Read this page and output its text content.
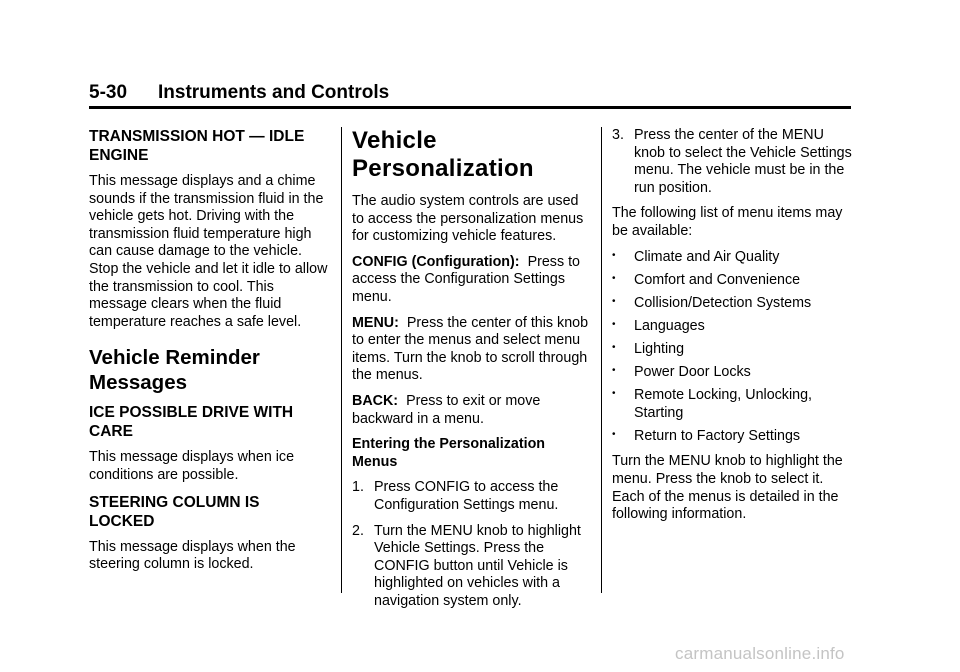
5-30 Instruments and Controls
TRANSMISSION HOT — IDLE ENGINE

This message displays and a chime sounds if the transmission fluid in the vehicle gets hot. Driving with the transmission fluid temperature high can cause damage to the vehicle. Stop the vehicle and let it idle to allow the transmission to cool. This message clears when the fluid temperature reaches a safe level.

Vehicle Reminder Messages
ICE POSSIBLE DRIVE WITH CARE

This message displays when ice conditions are possible.

STEERING COLUMN IS LOCKED

This message displays when the steering column is locked.

Vehicle Personalization

The audio system controls are used to access the personalization menus for customizing vehicle features.

CONFIG (Configuration): Press to access the Configuration Settings menu.

MENU: Press the center of this knob to enter the menus and select menu items. Turn the knob to scroll through the menus.

BACK: Press to exit or move backward in a menu.

Entering the Personalization Menus
1. Press CONFIG to access the Configuration Settings menu.
2. Turn the MENU knob to highlight Vehicle Settings. Press the CONFIG button until Vehicle is highlighted on vehicles with a navigation system only.
3. Press the center of the MENU knob to select the Vehicle Settings menu. The vehicle must be in the run position.

The following list of menu items may be available:

•	Climate and Air Quality
•	Comfort and Convenience
•	Collision/Detection Systems
•	Languages
•	Lighting
•	Power Door Locks
•	Remote Locking, Unlocking, Starting
•	Return to Factory Settings

Turn the MENU knob to highlight the menu. Press the knob to select it. Each of the menus is detailed in the following information.

carmanualsonline.info
